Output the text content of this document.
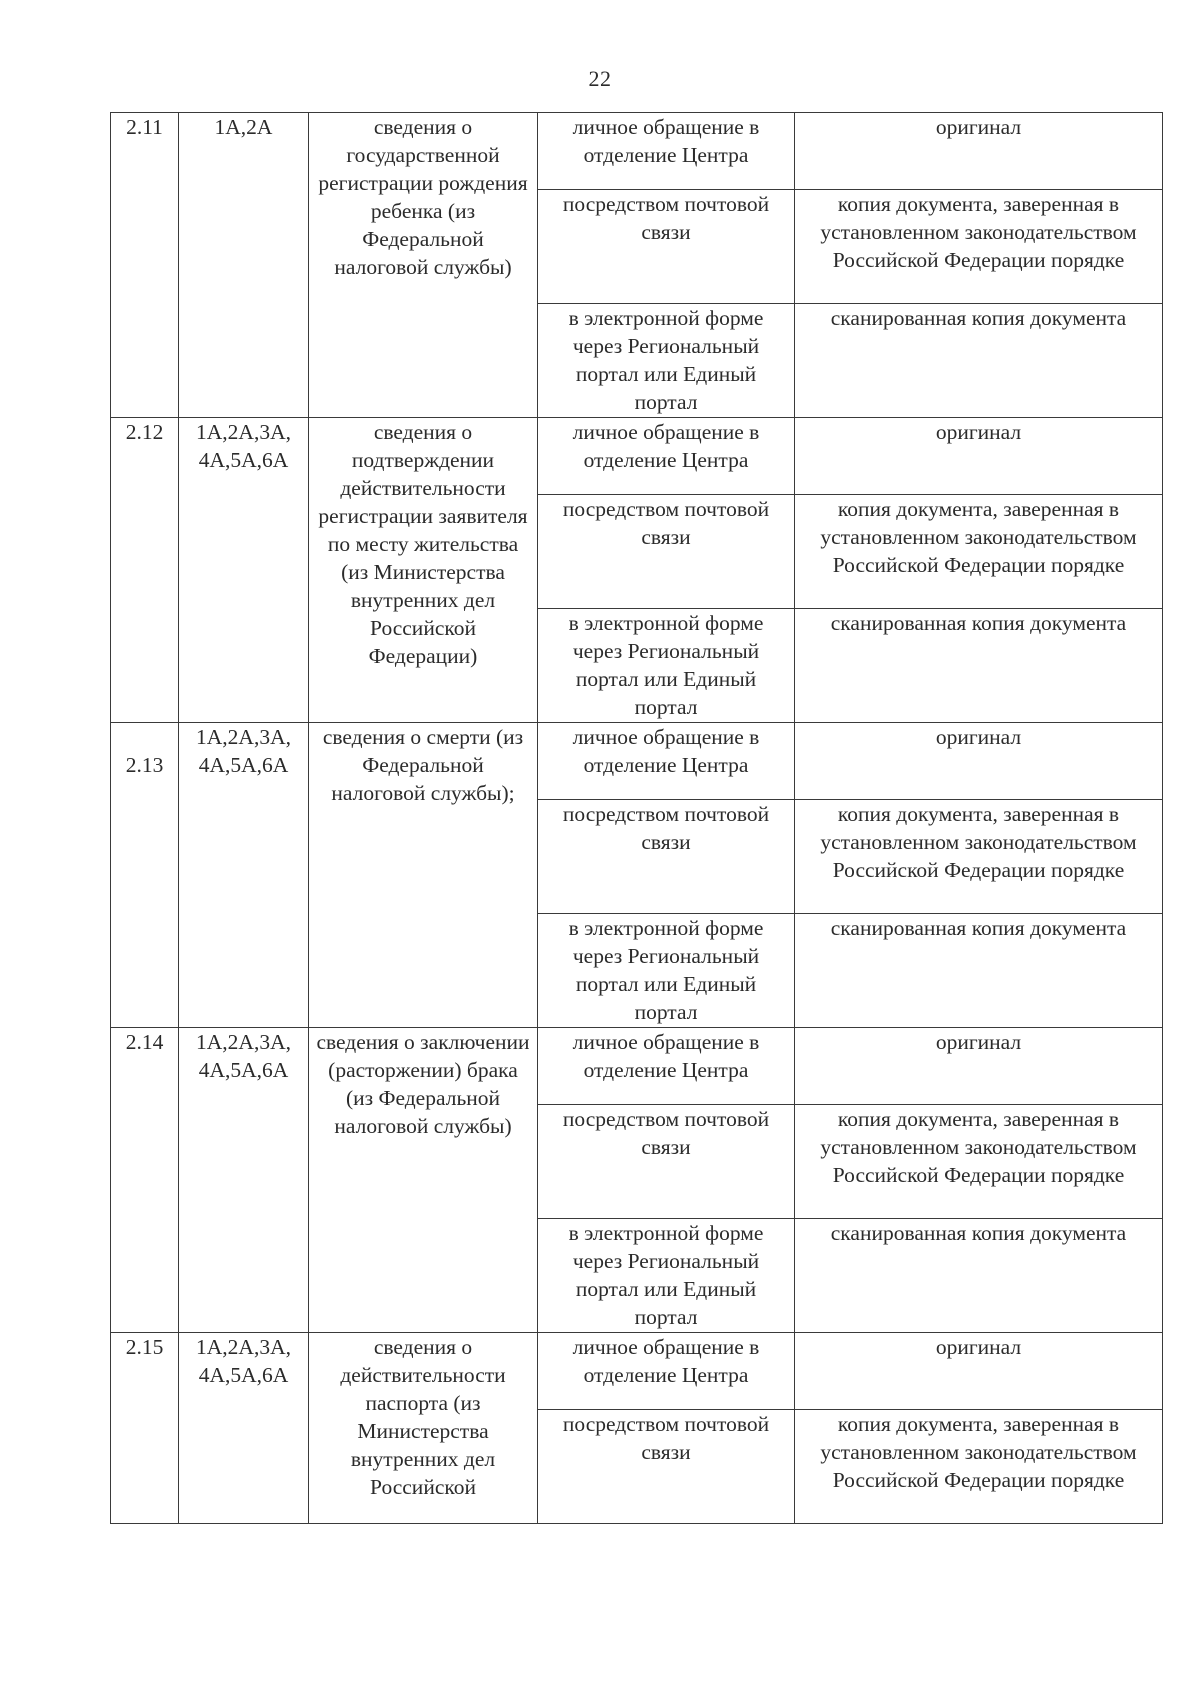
22
2.11	1А,2А	сведения о государственной регистрации рождения ребенка (из Федеральной налоговой службы)	личное обращение в отделение Центра	оригинал
			посредством почтовой связи	копия документа, заверенная в установленном законодательством Российской Федерации порядке
			в электронной форме через Региональный портал или Единый портал	сканированная копия документа

2.12	1А,2А,3А, 4А,5А,6А	сведения о подтверждении действительности регистрации заявителя по месту жительства (из Министерства внутренних дел Российской Федерации)	личное обращение в отделение Центра	оригинал
			посредством почтовой связи	копия документа, заверенная в установленном законодательством Российской Федерации порядке
			в электронной форме через Региональный портал или Единый портал	сканированная копия документа

2.13	1А,2А,3А, 4А,5А,6А	сведения о смерти (из Федеральной налоговой службы);	личное обращение в отделение Центра	оригинал
			посредством почтовой связи	копия документа, заверенная в установленном законодательством Российской Федерации порядке
			в электронной форме через Региональный портал или Единый портал	сканированная копия документа

2.14	1А,2А,3А, 4А,5А,6А	сведения о заключении (расторжении) брака (из Федеральной налоговой службы)	личное обращение в отделение Центра	оригинал
			посредством почтовой связи	копия документа, заверенная в установленном законодательством Российской Федерации порядке
			в электронной форме через Региональный портал или Единый портал	сканированная копия документа

2.15	1А,2А,3А, 4А,5А,6А	сведения о действительности паспорта (из Министерства внутренних дел Российской	личное обращение в отделение Центра	оригинал
			посредством почтовой связи	копия документа, заверенная в установленном законодательством Российской Федерации порядке
